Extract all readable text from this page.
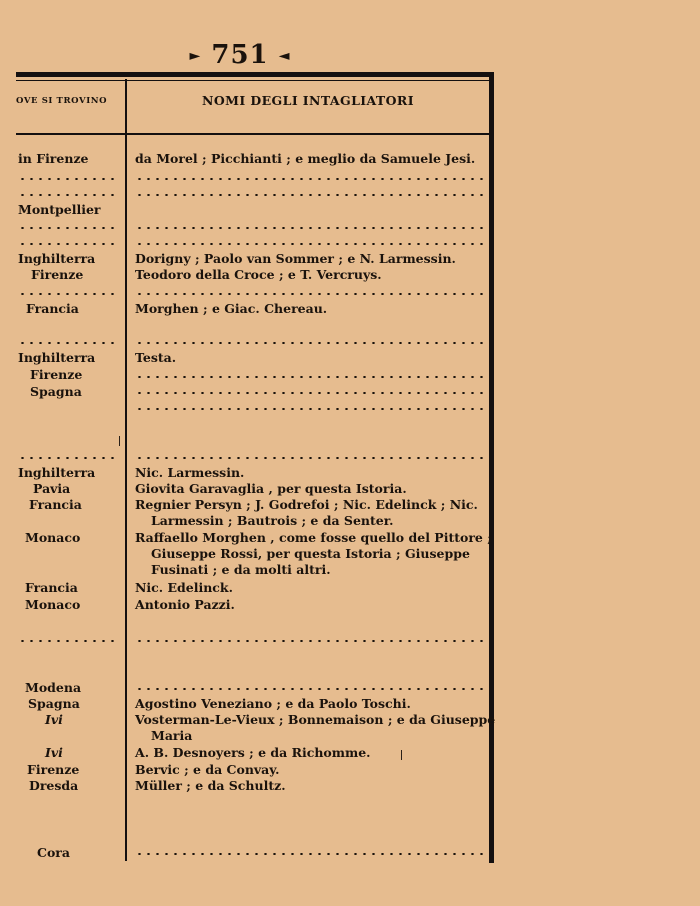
► 751 ◄
OVE SI TROVINO	NOMI DEGLI INTAGLIATORI
in Firenze	da Morel ; Picchianti ; e meglio da Samuele Jesi.
Montpellier
Inghilterra	Dorigny ; Paolo van Sommer ; e N. Larmessin.
Firenze	Teodoro della Croce ; e T. Vercruys.
Francia	Morghen ; e Giac. Chereau.
Inghilterra	Testa.
Firenze
Spagna
Inghilterra	Nic. Larmessin.
Pavia	Giovita Garavaglia , per questa Istoria.
Francia	Regnier Persyn ; J. Godrefoi ; Nic. Edelinck ; Nic.
Larmessin ; Bautrois ; e da Senter.
Monaco	Raffaello Morghen , come fosse quello del Pittore ;
Giuseppe Rossi, per questa Istoria ; Giuseppe
Fusinati ; e da molti altri.
Francia	Nic. Edelinck.
Monaco	Antonio Pazzi.
Modena
Spagna	Agostino Veneziano ; e da Paolo Toschi.
Ivi	Vosterman-Le-Vieux ; Bonnemaison ; e da Giuseppe
Maria
Ivi	A. B. Desnoyers ; e da Richomme.
Firenze	Bervic ; e da Convay.
Dresda	Müller ; e da Schultz.
Cora
